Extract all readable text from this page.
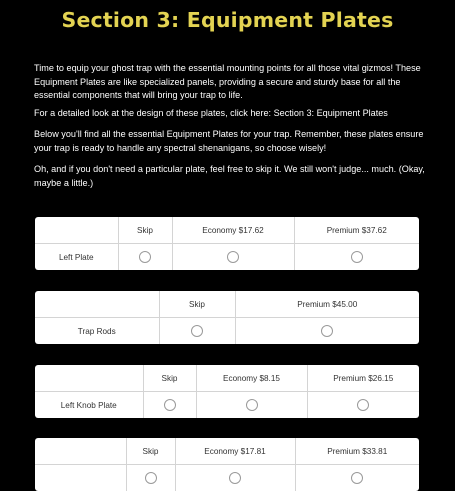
Section 3: Equipment Plates

Time to equip your ghost trap with the essential mounting points for all those vital gizmos! These Equipment Plates are like specialized panels, providing a secure and sturdy base for all the essential components that will bring your trap to life.

For a detailed look at the design of these plates, click here: Section 3: Equipment Plates

Below you'll find all the essential Equipment Plates for your trap. Remember, these plates ensure your trap is ready to handle any spectral shenanigans, so choose wisely!

Oh, and if you don't need a particular plate, feel free to skip it. We still won't judge... much. (Okay, maybe a little.)

	Skip	Economy $17.62	Premium $37.62
Left Plate			
	Skip	Premium $45.00
Trap Rods		
	Skip	Economy $8.15	Premium $26.15
Left Knob Plate			
	Skip	Economy $17.81	Premium $33.81
